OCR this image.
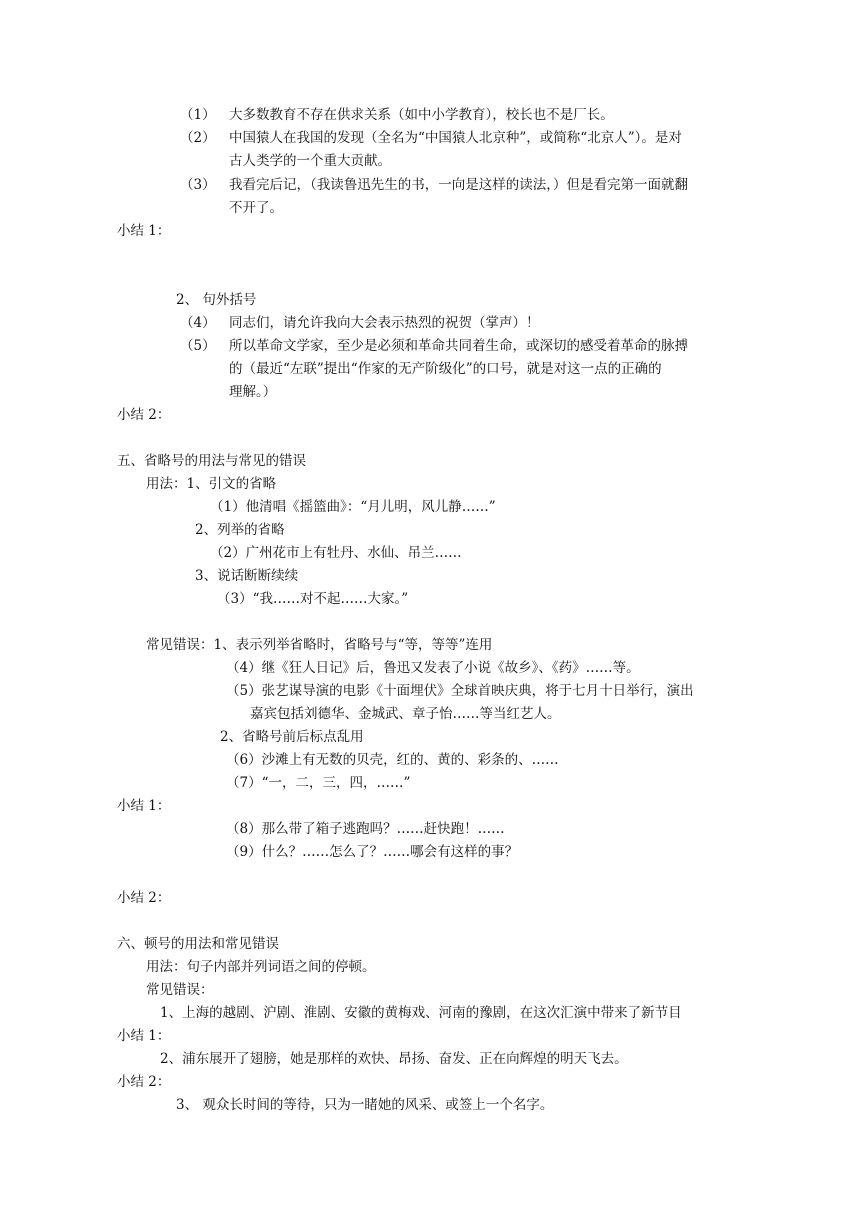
（1） 大多数教育不存在供求关系（如中小学教育），校长也不是厂长。
（2） 中国猿人在我国的发现（全名为“中国猿人北京种”，或简称“北京人”）。是对
古人类学的一个重大贡献。
（3） 我看完后记，（我读鲁迅先生的书，一向是这样的读法，）但是看完第一面就翻
不开了。
小结 1：
2、 句外括号
（4） 同志们，请允许我向大会表示热烈的祝贺（掌声）！
（5） 所以革命文学家，至少是必须和革命共同着生命，或深切的感受着革命的脉搏
的（最近“左联”提出“作家的无产阶级化”的口号，就是对这一点的正确的
理解。）
小结 2：
五、省略号的用法与常见的错误
用法：1、引文的省略
（1）他清唱《摇篮曲》：“月儿明，风儿静……”
2、列举的省略
（2）广州花市上有牡丹、水仙、吊兰……
3、说话断断续续
（3）“我……对不起……大家。”
常见错误：1、表示列举省略时，省略号与“等，等等”连用
（4）继《狂人日记》后，鲁迅又发表了小说《故乡》、《药》……等。
（5）张艺谋导演的电影《十面埋伏》全球首映庆典，将于七月十日举行，演出
嘉宾包括刘德华、金城武、章子怡……等当红艺人。
2、省略号前后标点乱用
（6）沙滩上有无数的贝壳，红的、黄的、彩条的、……
（7）“一，二，三，四，……”
小结 1：
（8）那么带了箱子逃跑吗？……赶快跑！……
（9）什么？……怎么了？……哪会有这样的事？
小结 2：
六、顿号的用法和常见错误
用法：句子内部并列词语之间的停顿。
常见错误：
1、上海的越剧、沪剧、淮剧、安徽的黄梅戏、河南的豫剧，在这次汇演中带来了新节目
小结 1：
2、浦东展开了翅膀，她是那样的欢快、昂扬、奋发、正在向辉煌的明天飞去。
小结 2：
3、 观众长时间的等待，只为一睹她的风采、或签上一个名字。
